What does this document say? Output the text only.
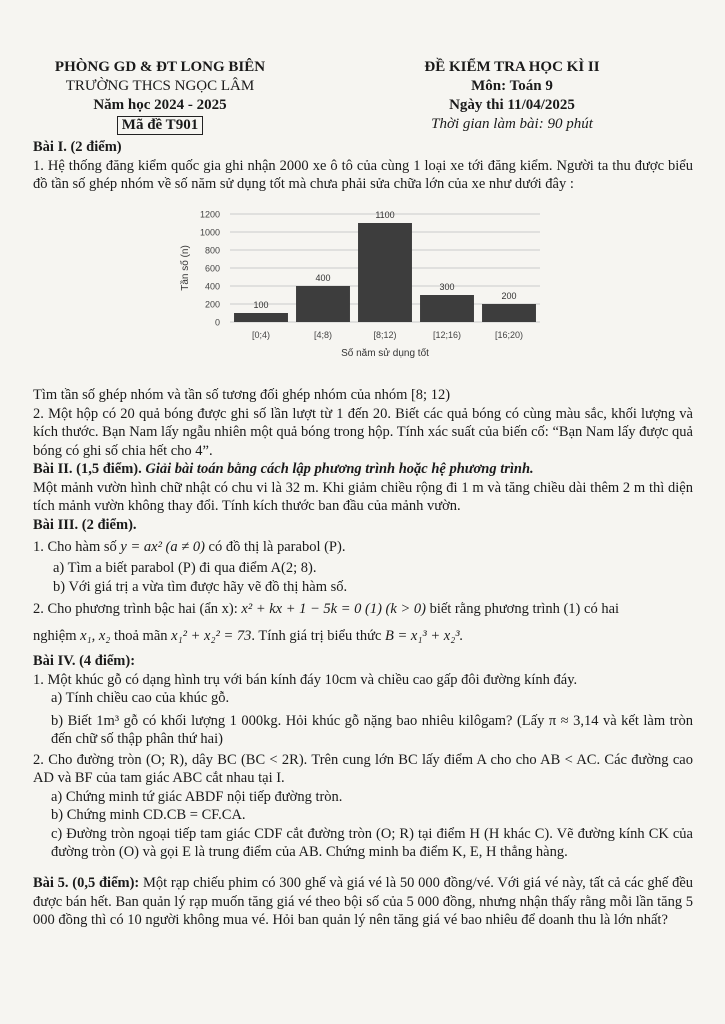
PHÒNG GD & ĐT LONG BIÊN
TRƯỜNG THCS NGỌC LÂM
Năm học 2024 - 2025
Mã đề T901
ĐỀ KIỂM TRA HỌC KÌ II
Môn: Toán 9
Ngày thi 11/04/2025
Thời gian làm bài: 90 phút
Bài I. (2 điểm)
1. Hệ thống đăng kiểm quốc gia ghi nhận 2000 xe ô tô của cùng 1 loại xe tới đăng kiểm. Người ta thu được biểu đồ tần số ghép nhóm về số năm sử dụng tốt mà chưa phải sửa chữa lớn của xe như dưới đây :
0
200
400
600
800
1000
1200
Tần số (n)
100
[0;4)
400
[4;8)
1100
[8;12)
300
[12;16)
200
[16;20)
Số năm sử dụng tốt
Tìm tần số ghép nhóm và tần số tương đối ghép nhóm của nhóm [8; 12)
2. Một hộp có 20 quả bóng được ghi số lần lượt từ 1 đến 20. Biết các quả bóng có cùng màu sắc, khối lượng và kích thước. Bạn Nam lấy ngẫu nhiên một quả bóng trong hộp. Tính xác suất của biến cố: “Bạn Nam lấy được quả bóng có ghi số chia hết cho 4”.
Bài II. (1,5 điểm). Giải bài toán bằng cách lập phương trình hoặc hệ phương trình.
Một mảnh vườn hình chữ nhật có chu vi là 32 m. Khi giảm chiều rộng đi 1 m và tăng chiều dài thêm 2 m thì diện tích mảnh vườn không thay đổi. Tính kích thước ban đầu của mảnh vườn.
Bài III. (2 điểm).
1. Cho hàm số y = ax² (a ≠ 0) có đồ thị là parabol (P).
a) Tìm a biết parabol (P) đi qua điểm A(2; 8).
b) Với giá trị a vừa tìm được hãy vẽ đồ thị hàm số.
2. Cho phương trình bậc hai (ẩn x): x² + kx + 1 − 5k = 0 (1) (k > 0) biết rằng phương trình (1) có hai
nghiệm x₁, x₂ thoả mãn x₁² + x₂² = 73. Tính giá trị biểu thức B = x₁³ + x₂³.
Bài IV. (4 điểm):
1. Một khúc gỗ có dạng hình trụ với bán kính đáy 10cm và chiều cao gấp đôi đường kính đáy.
a) Tính chiều cao của khúc gỗ.
b) Biết 1m³ gỗ có khối lượng 1 000kg. Hỏi khúc gỗ nặng bao nhiêu kilôgam? (Lấy π ≈ 3,14 và kết làm tròn đến chữ số thập phân thứ hai)
2. Cho đường tròn (O; R), dây BC (BC < 2R). Trên cung lớn BC lấy điểm A cho cho AB < AC. Các đường cao AD và BF của tam giác ABC cắt nhau tại I.
a) Chứng minh tứ giác ABDF nội tiếp đường tròn.
b) Chứng minh CD.CB = CF.CA.
c) Đường tròn ngoại tiếp tam giác CDF cắt đường tròn (O; R) tại điểm H (H khác C). Vẽ đường kính CK của đường tròn (O) và gọi E là trung điểm của AB. Chứng minh ba điểm K, E, H thẳng hàng.
Bài 5. (0,5 điểm): Một rạp chiếu phim có 300 ghế và giá vé là 50 000 đồng/vé. Với giá vé này, tất cả các ghế đều được bán hết. Ban quản lý rạp muốn tăng giá vé theo bội số của 5 000 đồng, nhưng nhận thấy rằng mỗi lần tăng 5 000 đồng thì có 10 người không mua vé. Hỏi ban quản lý nên tăng giá vé bao nhiêu để doanh thu là lớn nhất?
